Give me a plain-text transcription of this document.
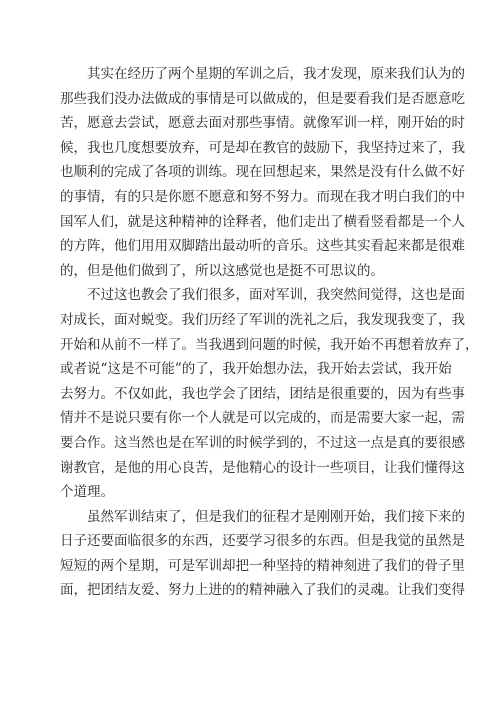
其实在经历了两个星期的军训之后，我才发现，原来我们认为的
那些我们没办法做成的事情是可以做成的，但是要看我们是否愿意吃
苦，愿意去尝试，愿意去面对那些事情。就像军训一样，刚开始的时
候，我也几度想要放弃，可是却在教官的鼓励下，我坚持过来了，我
也顺利的完成了各项的训练。现在回想起来，果然是没有什么做不好
的事情，有的只是你愿不愿意和努不努力。而现在我才明白我们的中
国军人们，就是这种精神的诠释者，他们走出了横看竖看都是一个人
的方阵，他们用用双脚踏出最动听的音乐。这些其实看起来都是很难
的，但是他们做到了，所以这感觉也是挺不可思议的。
不过这也教会了我们很多，面对军训，我突然间觉得，这也是面
对成长，面对蜕变。我们历经了军训的洗礼之后，我发现我变了，我
开始和从前不一样了。当我遇到问题的时候，我开始不再想着放弃了，
或者说“这是不可能”的了，我开始想办法，我开始去尝试，我开始
去努力。不仅如此，我也学会了团结，团结是很重要的，因为有些事
情并不是说只要有你一个人就是可以完成的，而是需要大家一起，需
要合作。这当然也是在军训的时候学到的，不过这一点是真的要很感
谢教官，是他的用心良苦，是他精心的设计一些项目，让我们懂得这
个道理。
虽然军训结束了，但是我们的征程才是刚刚开始，我们接下来的
日子还要面临很多的东西，还要学习很多的东西。但是我觉的虽然是
短短的两个星期，可是军训却把一种坚持的精神刻进了我们的骨子里
面，把团结友爱、努力上进的的精神融入了我们的灵魂。让我们变得
